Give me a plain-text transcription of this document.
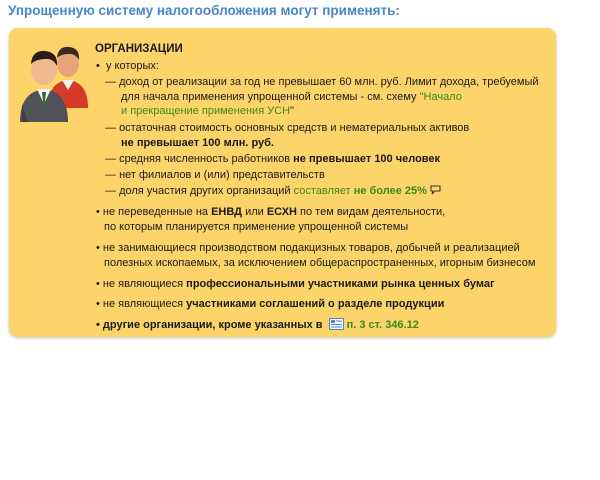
Упрощенную систему налогообложения могут применять:
ОРГАНИЗАЦИИ
• у которых:
— доход от реализации за год не превышает 60 млн. руб. Лимит дохода, требуемый
для начала применения упрощенной системы - см. схему "Начало
и прекращение применения УСН"
— остаточная стоимость основных средств и нематериальных активов
не превышает 100 млн. руб.
— средняя численность работников не превышает 100 человек
— нет филиалов и (или) представительств
— доля участия других организаций составляет не более 25%
• не переведенные на ЕНВД или ЕСХН по тем видам деятельности,
по которым планируется применение упрощенной системы
• не занимающиеся производством подакцизных товаров, добычей и реализацией
полезных ископаемых, за исключением общераспространенных, игорным бизнесом
• не являющиеся профессиональными участниками рынка ценных бумаг
• не являющиеся участниками соглашений о разделе продукции
• другие организации, кроме указанных в п. 3 ст. 346.12
